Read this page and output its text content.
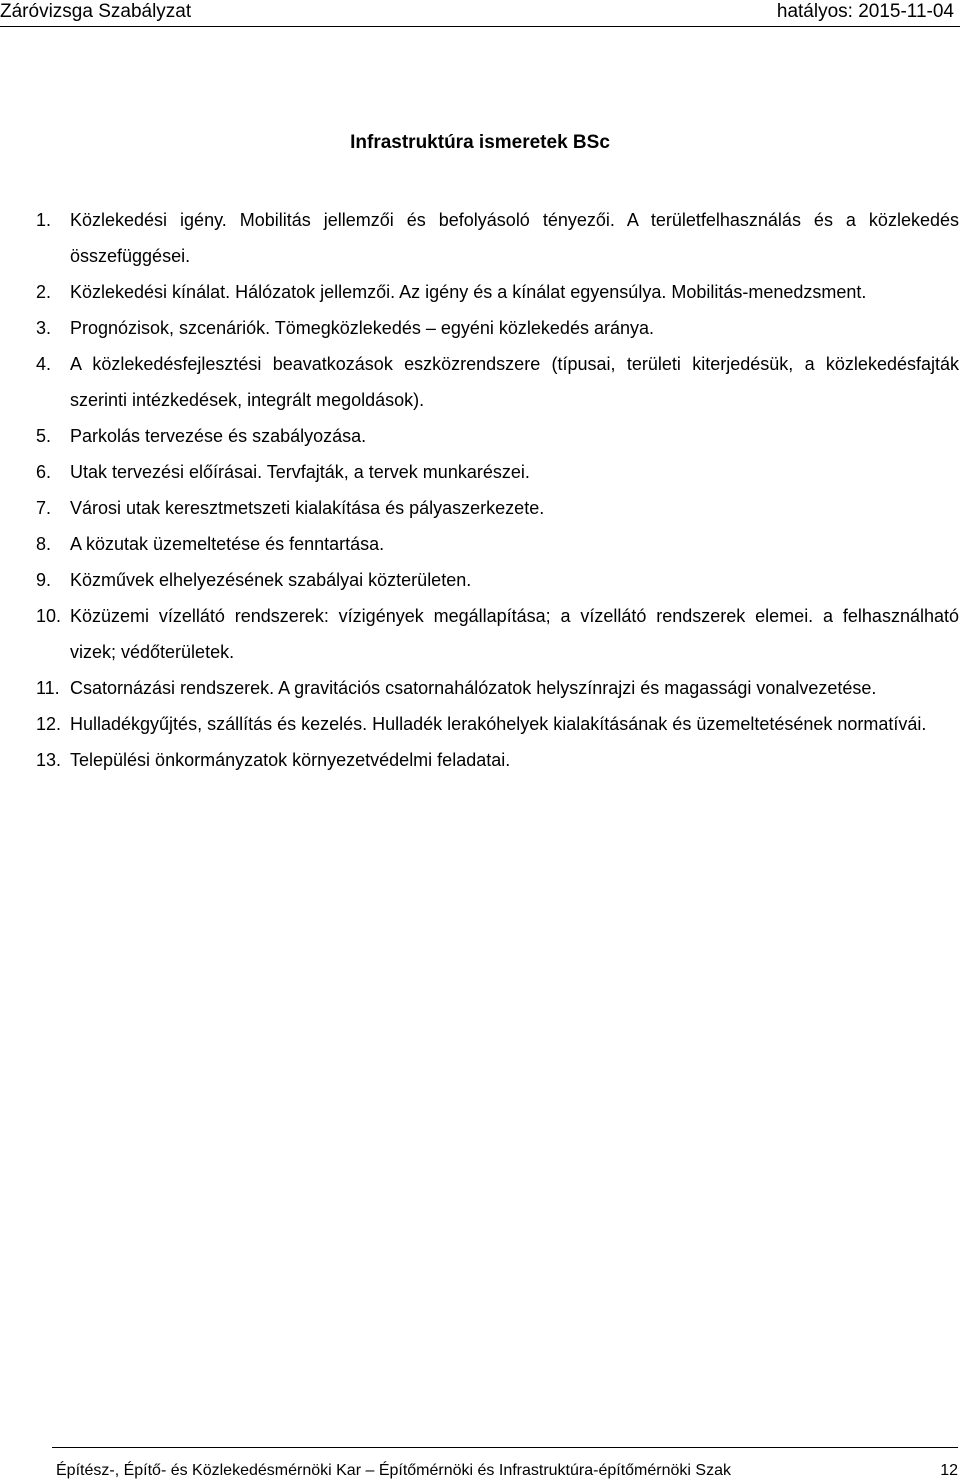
Záróvizsga Szabályzat	hatályos: 2015-11-04
Infrastruktúra ismeretek BSc
1. Közlekedési igény. Mobilitás jellemzői és befolyásoló tényezői. A területfelhasználás és a közlekedés összefüggései.
2. Közlekedési kínálat. Hálózatok jellemzői. Az igény és a kínálat egyensúlya. Mobilitás-menedzsment.
3. Prognózisok, szcenáriók. Tömegközlekedés – egyéni közlekedés aránya.
4. A közlekedésfejlesztési beavatkozások eszközrendszere (típusai, területi kiterjedésük, a közlekedésfajták szerinti intézkedések, integrált megoldások).
5. Parkolás tervezése és szabályozása.
6. Utak tervezési előírásai. Tervfajták, a tervek munkarészei.
7. Városi utak keresztmetszeti kialakítása és pályaszerkezete.
8. A közutak üzemeltetése és fenntartása.
9. Közművek elhelyezésének szabályai közterületen.
10. Közüzemi vízellátó rendszerek: vízigények megállapítása; a vízellátó rendszerek elemei. a felhasználható vizek; védőterületek.
11. Csatornázási rendszerek. A gravitációs csatornahálózatok helyszínrajzi és magassági vonalvezetése.
12. Hulladékgyűjtés, szállítás és kezelés. Hulladék lerakóhelyek kialakításának és üzemeltetésének normatívái.
13. Települési önkormányzatok környezetvédelmi feladatai.
Építész-, Építő- és Közlekedésmérnöki Kar – Építőmérnöki és Infrastruktúra-építőmérnöki Szak	12
